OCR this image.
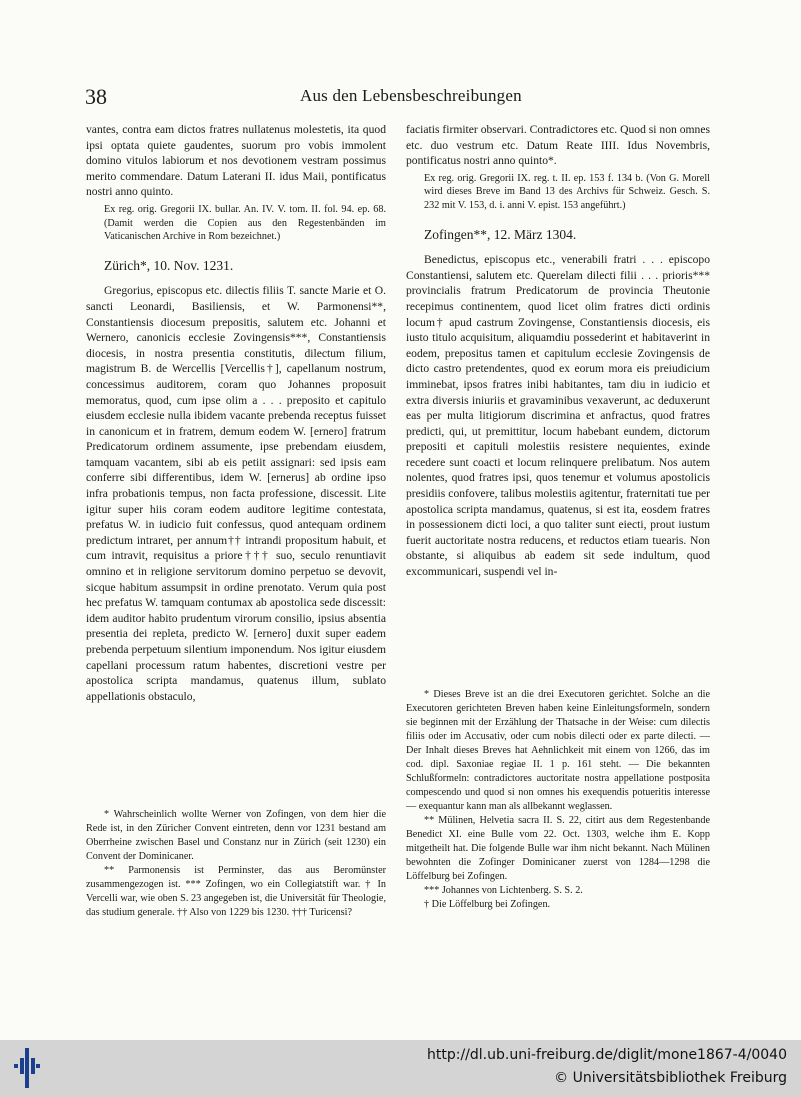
38	Aus den Lebensbeschreibungen

vantes, contra eam dictos fratres nullatenus molestetis, ita quod ipsi optata quiete gaudentes, suorum pro vobis immolent domino vitulos labiorum et nos devotionem vestram possimus merito commendare. Datum Laterani II. idus Maii, pontificatus nostri anno quinto.

Ex reg. orig. Gregorii IX. bullar. An. IV. V. tom. II. fol. 94. ep. 68. (Damit werden die Copien aus den Regestenbänden im Vaticanischen Archive in Rom bezeichnet.)

Zürich*, 10. Nov. 1231.

Gregorius, episcopus etc. dilectis filiis T. sancte Marie et O. sancti Leonardi, Basiliensis, et W. Parmonensi**, Constantiensis diocesum prepositis, salutem etc. Johanni et Wernero, canonicis ecclesie Zovingensis***, Constantiensis diocesis, in nostra presentia constitutis, dilectum filium, magistrum B. de Wercellis [Vercellis†], capellanum nostrum, concessimus auditorem, coram quo Johannes proposuit memoratus, quod, cum ipse olim a . . . preposito et capitulo eiusdem ecclesie nulla ibidem vacante prebenda receptus fuisset in canonicum et in fratrem, demum eodem W. [ernero] fratrum Predicatorum ordinem assumente, ipse prebendam eiusdem, tamquam vacantem, sibi ab eis petiit assignari: sed ipsis eam conferre sibi differentibus, idem W. [ernerus] ab ordine ipso infra probationis tempus, non facta professione, discessit. Lite igitur super hiis coram eodem auditore legitime contestata, prefatus W. in iudicio fuit confessus, quod antequam ordinem predictum intraret, per annum†† intrandi propositum habuit, et cum intravit, requisitus a priore††† suo, seculo renuntiavit omnino et in religione servitorum domino perpetuo se devovit, sicque habitum assumpsit in ordine prenotato. Verum quia post hec prefatus W. tamquam contumax ab apostolica sede discessit: idem auditor habito prudentum virorum consilio, ipsius absentia presentia dei repleta, predicto W. [ernero] duxit super eadem prebenda perpetuum silentium imponendum. Nos igitur eiusdem capellani processum ratum habentes, discretioni vestre per apostolica scripta mandamus, quatenus illum, sublato appellationis obstaculo,

* Wahrscheinlich wollte Werner von Zofingen, von dem hier die Rede ist, in den Züricher Convent eintreten, denn vor 1231 bestand am Oberrheine zwischen Basel und Constanz nur in Zürich (seit 1230) ein Convent der Dominicaner.

** Parmonensis ist Perminster, das aus Beromünster zusammengezogen ist. *** Zofingen, wo ein Collegiatstift war. † In Vercelli war, wie oben S. 23 angegeben ist, die Universität für Theologie, das studium generale. †† Also von 1229 bis 1230. ††† Turicensi?

faciatis firmiter observari. Contradictores etc. Quod si non omnes etc. duo vestrum etc. Datum Reate IIII. Idus Novembris, pontificatus nostri anno quinto*.

Ex reg. orig. Gregorii IX. reg. t. II. ep. 153 f. 134 b. (Von G. Morell wird dieses Breve im Band 13 des Archivs für Schweiz. Gesch. S. 232 mit V. 153, d. i. anni V. epist. 153 angeführt.)

Zofingen**, 12. März 1304.

Benedictus, episcopus etc., venerabili fratri . . . episcopo Constantiensi, salutem etc. Querelam dilecti filii . . . prioris*** provincialis fratrum Predicatorum de provincia Theutonie recepimus continentem, quod licet olim fratres dicti ordinis locum† apud castrum Zovingense, Constantiensis diocesis, eis iusto titulo acquisitum, aliquamdiu possederint et habitaverint in eodem, prepositus tamen et capitulum ecclesie Zovingensis de dicto castro pretendentes, quod ex eorum mora eis preiudicium imminebat, ipsos fratres inibi habitantes, tam diu in iudicio et extra diversis iniuriis et gravaminibus vexaverunt, ac deduxerunt eas per multa litigiorum discrimina et anfractus, quod fratres predicti, qui, ut premittitur, locum habebant eundem, dictorum prepositi et capituli molestiis resistere nequientes, exinde recedere sunt coacti et locum relinquere prelibatum. Nos autem nolentes, quod fratres ipsi, quos tenemur et volumus apostolicis presidiis confovere, talibus molestiis agitentur, fraternitati tue per apostolica scripta mandamus, quatenus, si est ita, eosdem fratres in possessionem dicti loci, a quo taliter sunt eiecti, prout iustum fuerit auctoritate nostra reducens, et reductos etiam tuearis. Non obstante, si aliquibus ab eadem sit sede indultum, quod excommunicari, suspendi vel in-

* Dieses Breve ist an die drei Executoren gerichtet. Solche an die Executoren gerichteten Breven haben keine Einleitungsformeln, sondern sie beginnen mit der Erzählung der Thatsache in der Weise: cum dilectis filiis oder im Accusativ, oder cum nobis dilecti oder ex parte dilecti. — Der Inhalt dieses Breves hat Aehnlichkeit mit einem von 1266, das im cod. dipl. Saxoniae regiae II. 1 p. 161 steht. — Die bekannten Schlußformeln: contradictores auctoritate nostra appellatione postposita compescendo und quod si non omnes his exequendis potueritis interesse — exequantur kann man als allbekannt weglassen.

** Mülinen, Helvetia sacra II. S. 22, citirt aus dem Regestenbande Benedict XI. eine Bulle vom 22. Oct. 1303, welche ihm E. Kopp mitgetheilt hat. Die folgende Bulle war ihm nicht bekannt. Nach Mülinen bewohnten die Zofinger Dominicaner zuerst von 1284—1298 die Löffelburg bei Zofingen.

*** Johannes von Lichtenberg. S. S. 2.

† Die Löffelburg bei Zofingen.

http://dl.ub.uni-freiburg.de/diglit/mone1867-4/0040
© Universitätsbibliothek Freiburg
